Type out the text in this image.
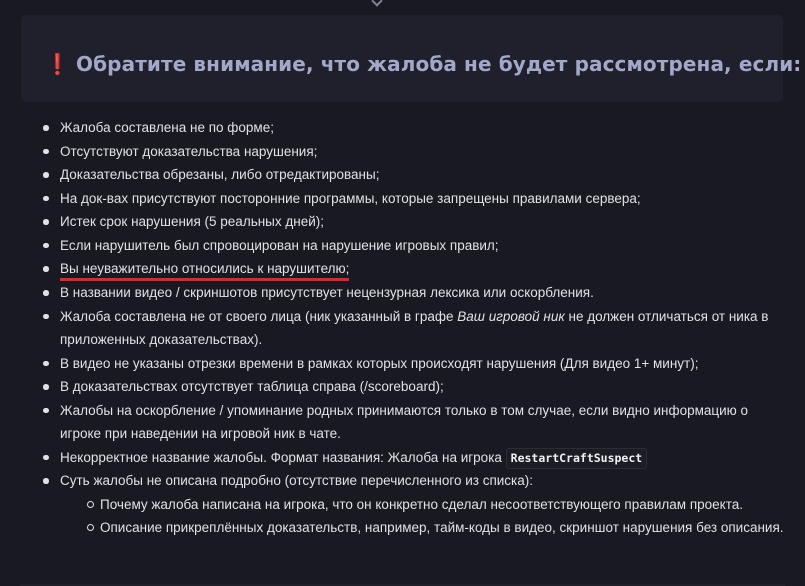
❗ Обратите внимание, что жалоба не будет рассмотрена, если:
Жалоба составлена не по форме;
Отсутствуют доказательства нарушения;
Доказательства обрезаны, либо отредактированы;
На док-вах присутствуют посторонние программы, которые запрещены правилами сервера;
Истек срок нарушения (5 реальных дней);
Если нарушитель был спровоцирован на нарушение игровых правил;
Вы неуважительно относились к нарушителю;
В названии видео / скриншотов присутствует нецензурная лексика или оскорбления.
Жалоба составлена не от своего лица (ник указанный в графе Ваш игровой ник не должен отличаться от ника в приложенных доказательствах).
В видео не указаны отрезки времени в рамках которых происходят нарушения (Для видео 1+ минут);
В доказательствах отсутствует таблица справа (/scoreboard);
Жалобы на оскорбление / упоминание родных принимаются только в том случае, если видно информацию о игроке при наведении на игровой ник в чате.
Некорректное название жалобы. Формат названия: Жалоба на игрока RestartCraftSuspect
Суть жалобы не описана подробно (отсутствие перечисленного из списка):
Почему жалоба написана на игрока, что он конкретно сделал несоответствующего правилам проекта.
Описание прикреплённых доказательств, например, тайм-коды в видео, скриншот нарушения без описания.
